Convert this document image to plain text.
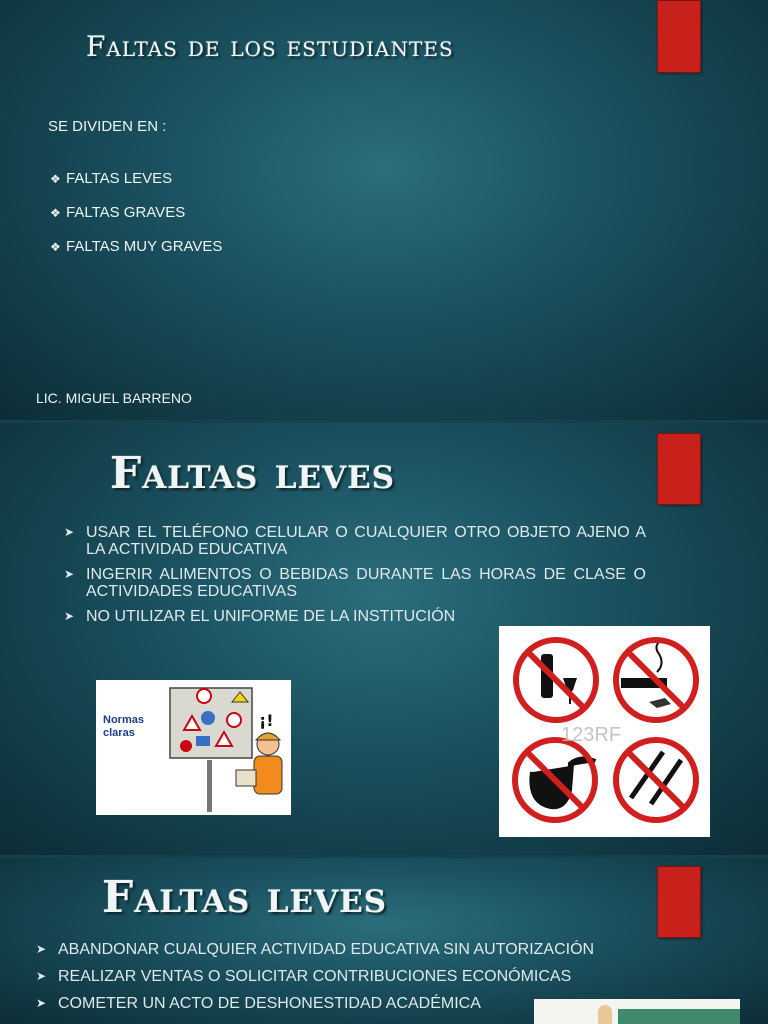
Faltas de los estudiantes
SE DIVIDEN EN :
❖ FALTAS LEVES
❖ FALTAS GRAVES
❖ FALTAS MUY GRAVES
LIC. MIGUEL BARRENO
Faltas leves
➤ USAR EL TELÉFONO CELULAR O CUALQUIER OTRO OBJETO AJENO A LA ACTIVIDAD EDUCATIVA
➤ INGERIR ALIMENTOS O BEBIDAS DURANTE LAS HORAS DE CLASE O ACTIVIDADES EDUCATIVAS
➤ NO UTILIZAR EL UNIFORME DE LA INSTITUCIÓN
Normas claras
¡!
123RF
Faltas leves
➤ ABANDONAR CUALQUIER ACTIVIDAD EDUCATIVA SIN AUTORIZACIÓN
➤ REALIZAR VENTAS O SOLICITAR CONTRIBUCIONES ECONÓMICAS
➤ COMETER UN ACTO DE DESHONESTIDAD ACADÉMICA
